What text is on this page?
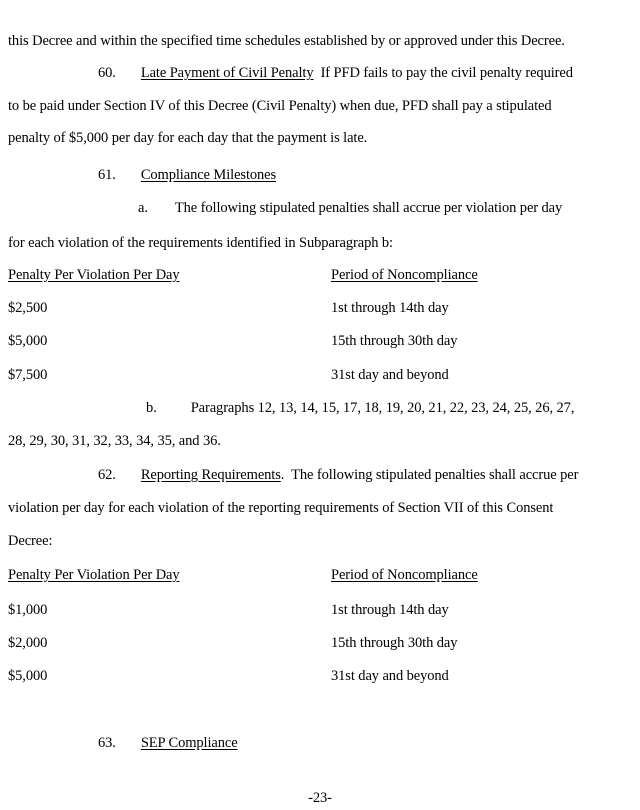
this Decree and within the specified time schedules established by or approved under this Decree.
60. Late Payment of Civil Penalty  If PFD fails to pay the civil penalty required
to be paid under Section IV of this Decree (Civil Penalty) when due, PFD shall pay a stipulated
penalty of $5,000 per day for each day that the payment is late.
61. Compliance Milestones
a. The following stipulated penalties shall accrue per violation per day
for each violation of the requirements identified in Subparagraph b:
Penalty Per Violation Per Day	Period of Noncompliance
$2,500	1st through 14th day
$5,000	15th through 30th day
$7,500	31st day and beyond
b. Paragraphs 12, 13, 14, 15, 17, 18, 19, 20, 21, 22, 23, 24, 25, 26, 27,
28, 29, 30, 31, 32, 33, 34, 35, and 36.
62. Reporting Requirements.  The following stipulated penalties shall accrue per
violation per day for each violation of the reporting requirements of Section VII of this Consent
Decree:
Penalty Per Violation Per Day	Period of Noncompliance
$1,000	1st through 14th day
$2,000	15th through 30th day
$5,000	31st day and beyond
63. SEP Compliance
-23-
